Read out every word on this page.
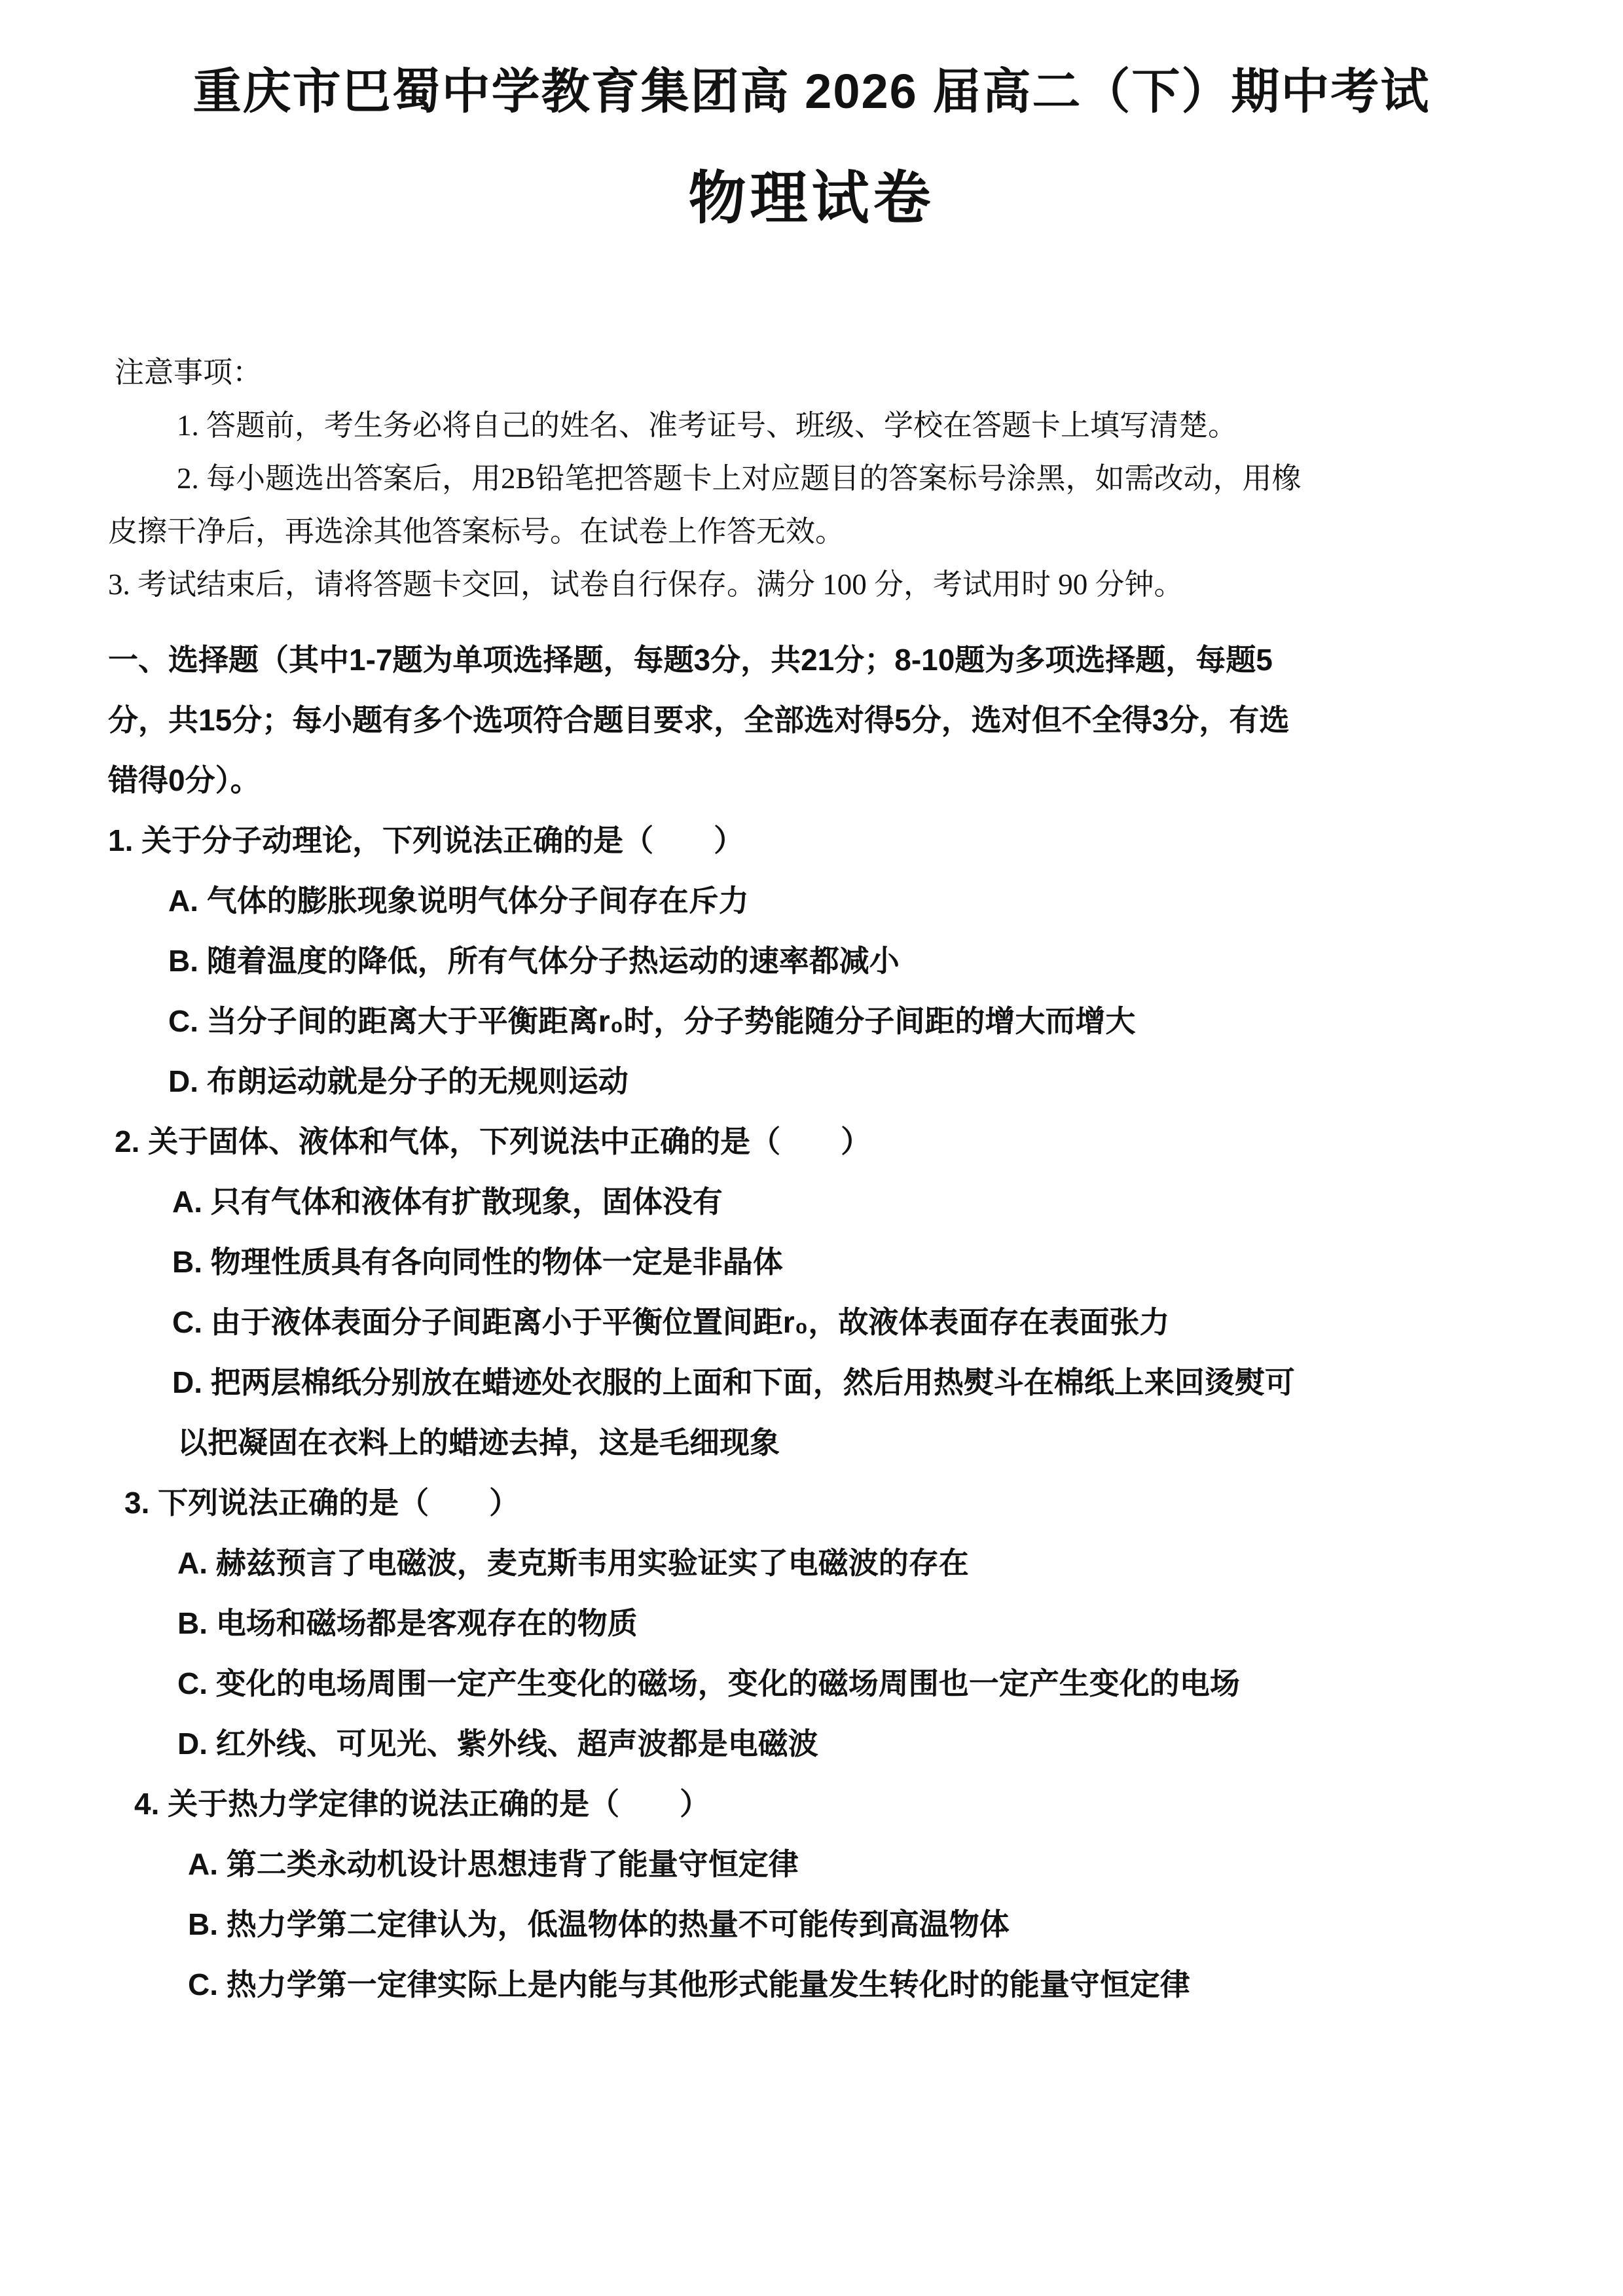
重庆市巴蜀中学教育集团高 2026 届高二（下）期中考试
物理试卷
注意事项：
1. 答题前，考生务必将自己的姓名、准考证号、班级、学校在答题卡上填写清楚。
2. 每小题选出答案后，用2B铅笔把答题卡上对应题目的答案标号涂黑，如需改动，用橡
皮擦干净后，再选涂其他答案标号。在试卷上作答无效。
3. 考试结束后，请将答题卡交回，试卷自行保存。满分 100 分，考试用时 90 分钟。
一、选择题（其中1-7题为单项选择题，每题3分，共21分；8-10题为多项选择题，每题5
分，共15分；每小题有多个选项符合题目要求，全部选对得5分，选对但不全得3分，有选
错得0分）。
1. 关于分子动理论，下列说法正确的是（　　）
A. 气体的膨胀现象说明气体分子间存在斥力
B. 随着温度的降低，所有气体分子热运动的速率都减小
C. 当分子间的距离大于平衡距离r₀时，分子势能随分子间距的增大而增大
D. 布朗运动就是分子的无规则运动
2. 关于固体、液体和气体，下列说法中正确的是（　　）
A. 只有气体和液体有扩散现象，固体没有
B. 物理性质具有各向同性的物体一定是非晶体
C. 由于液体表面分子间距离小于平衡位置间距r₀，故液体表面存在表面张力
D. 把两层棉纸分别放在蜡迹处衣服的上面和下面，然后用热熨斗在棉纸上来回烫熨可
以把凝固在衣料上的蜡迹去掉，这是毛细现象
3. 下列说法正确的是（　　）
A. 赫兹预言了电磁波，麦克斯韦用实验证实了电磁波的存在
B. 电场和磁场都是客观存在的物质
C. 变化的电场周围一定产生变化的磁场，变化的磁场周围也一定产生变化的电场
D. 红外线、可见光、紫外线、超声波都是电磁波
4. 关于热力学定律的说法正确的是（　　）
A. 第二类永动机设计思想违背了能量守恒定律
B. 热力学第二定律认为，低温物体的热量不可能传到高温物体
C. 热力学第一定律实际上是内能与其他形式能量发生转化时的能量守恒定律
